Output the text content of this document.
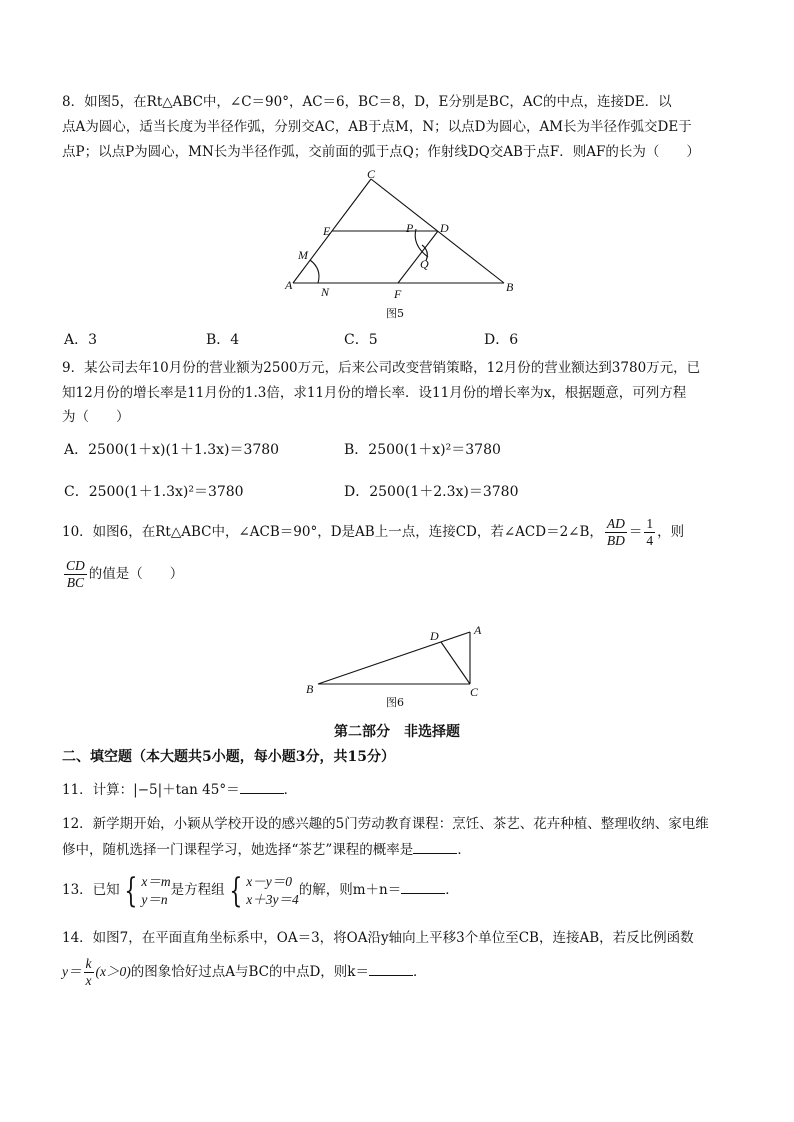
8．如图5，在Rt△ABC中，∠C＝90°，AC＝6，BC＝8，D，E分别是BC，AC的中点，连接DE．以
点A为圆心，适当长度为半径作弧，分别交AC，AB于点M，N；以点D为圆心，AM长为半径作弧交DE于
点P；以点P为圆心，MN长为半径作弧，交前面的弧于点Q；作射线DQ交AB于点F．则AF的长为（　　）
C
E	P D
M
Q
A N	F	B
图5
A．3	B．4	C．5	D．6
9．某公司去年10月份的营业额为2500万元，后来公司改变营销策略，12月份的营业额达到3780万元，已
知12月份的增长率是11月份的1.3倍，求11月份的增长率．设11月份的增长率为x，根据题意，可列方程
为（　　）
A．2500(1＋x)(1＋1.3x)＝3780	B．2500(1＋x)²＝3780
C．2500(1＋1.3x)²＝3780	D．2500(1＋2.3x)＝3780
10．如图6，在Rt△ABC中，∠ACB＝90°，D是AB上一点，连接CD，若∠ACD＝2∠B， $\frac{AD}{BD} = \frac{1}{4}$ ，则
$\frac{CD}{BC}$ 的值是（　　）
D	A
B	C
图6
第二部分　非选择题
二、填空题（本大题共5小题，每小题3分，共15分）
11．计算：|−5|＋tan 45°＝	．
12．新学期开始，小颖从学校开设的感兴趣的5门劳动教育课程：烹饪、茶艺、花卉种植、整理收纳、家电维
修中，随机选择一门课程学习，她选择“茶艺”课程的概率是	．
13．已知 { x＝m
y＝n
是方程组 { x－y＝0
x＋3y＝4
的解，则m＋n＝	．
14．如图7，在平面直角坐标系中，OA＝3，将OA沿y轴向上平移3个单位至CB，连接AB，若反比例函数
$y= \frac{k}{x} (x>0)$的图象恰好过点A与BC的中点D，则k＝	．
